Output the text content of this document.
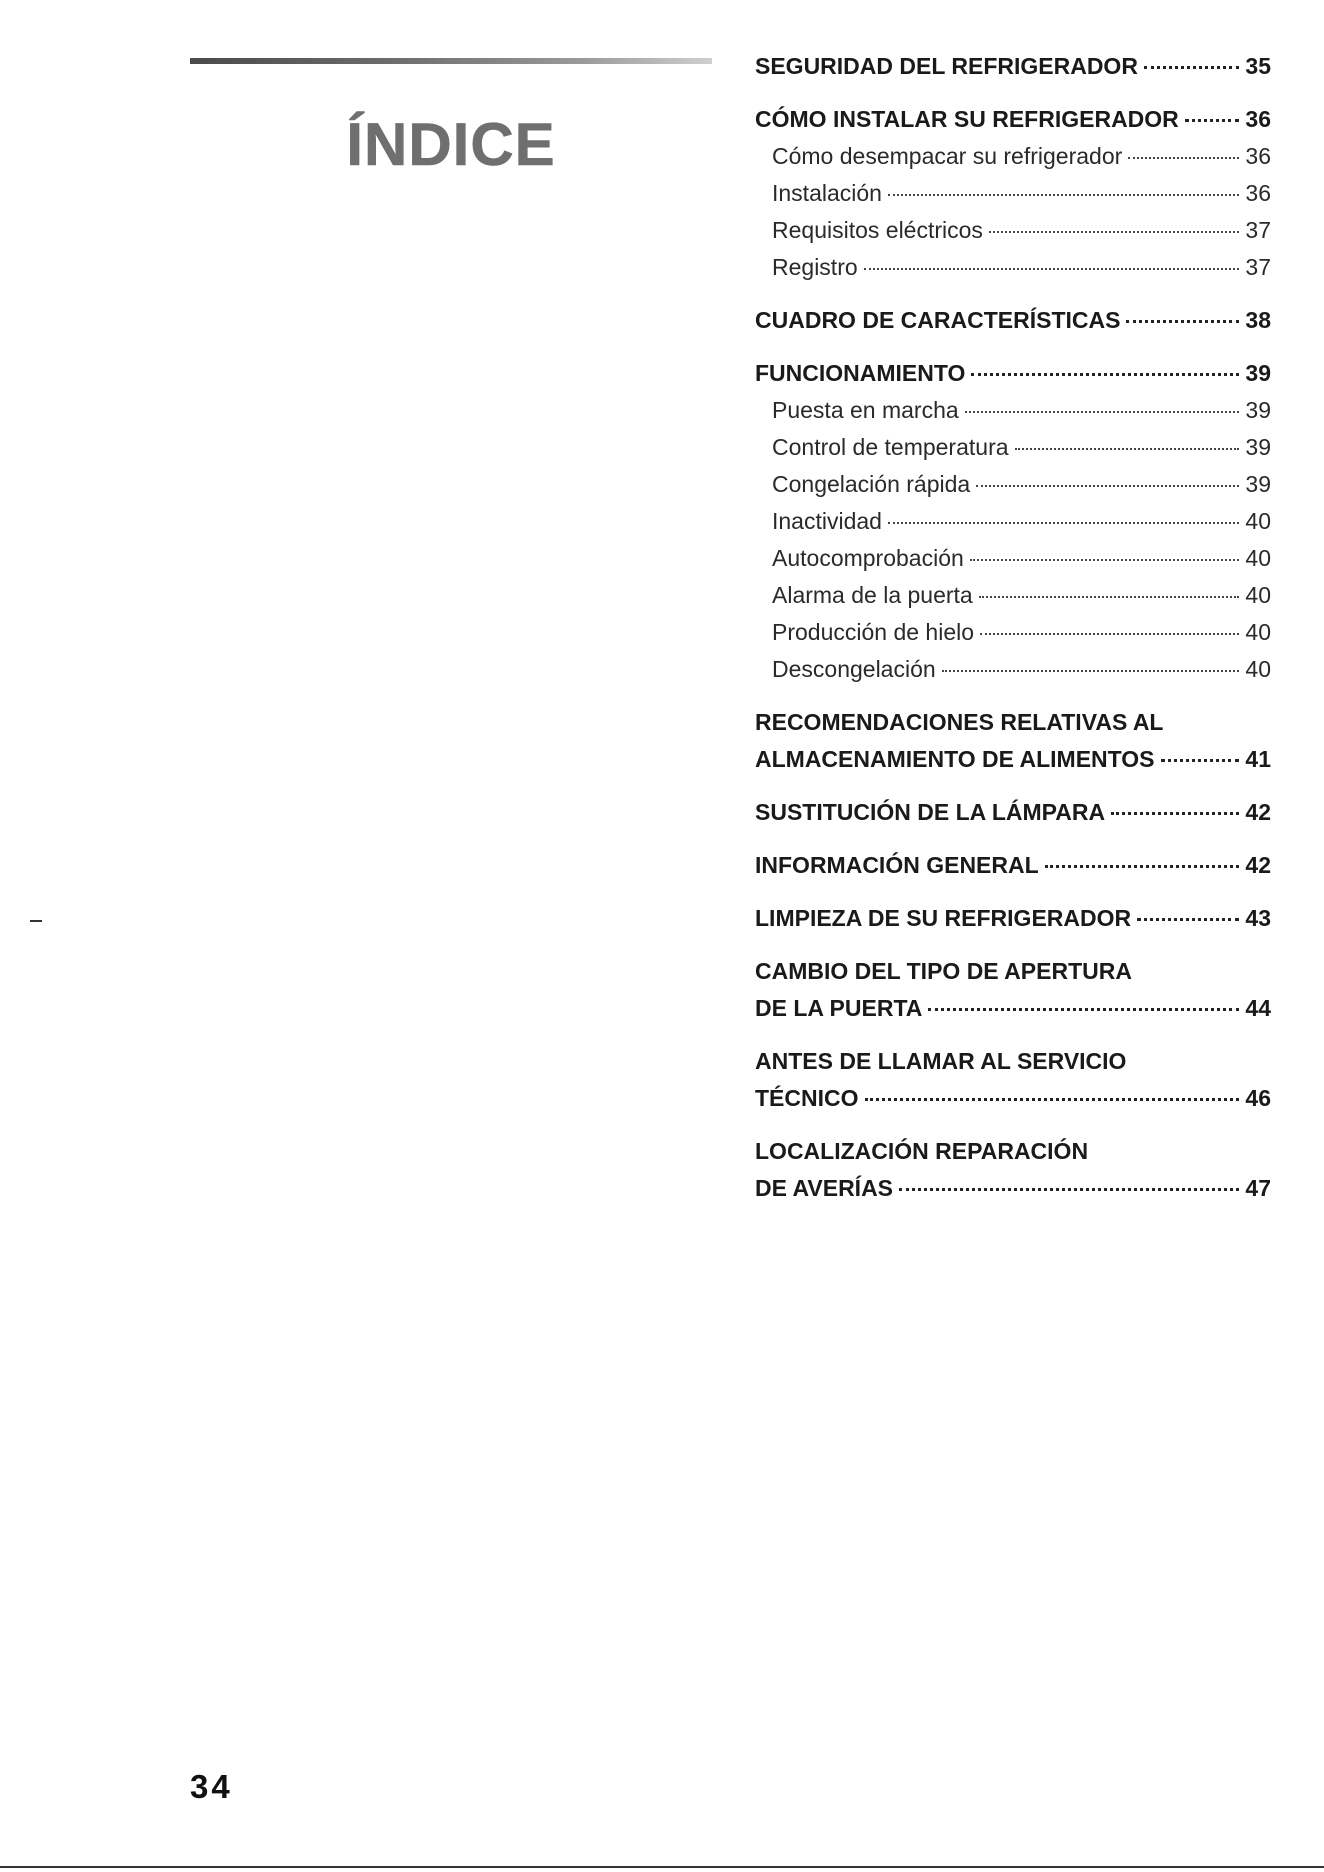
ÍNDICE
SEGURIDAD DEL REFRIGERADOR	35
CÓMO INSTALAR SU REFRIGERADOR	36
Cómo desempacar su refrigerador	36
Instalación	36
Requisitos eléctricos	37
Registro	37
CUADRO DE CARACTERÍSTICAS	38
FUNCIONAMIENTO	39
Puesta en marcha	39
Control de temperatura	39
Congelación rápida	39
Inactividad	40
Autocomprobación	40
Alarma de la puerta	40
Producción de hielo	40
Descongelación	40
RECOMENDACIONES RELATIVAS AL
ALMACENAMIENTO DE ALIMENTOS	41
SUSTITUCIÓN DE LA LÁMPARA	42
INFORMACIÓN GENERAL	42
LIMPIEZA DE SU REFRIGERADOR	43
CAMBIO DEL TIPO DE APERTURA
DE LA PUERTA	44
ANTES DE LLAMAR AL SERVICIO
TÉCNICO	46
LOCALIZACIÓN REPARACIÓN
DE AVERÍAS	47
34
